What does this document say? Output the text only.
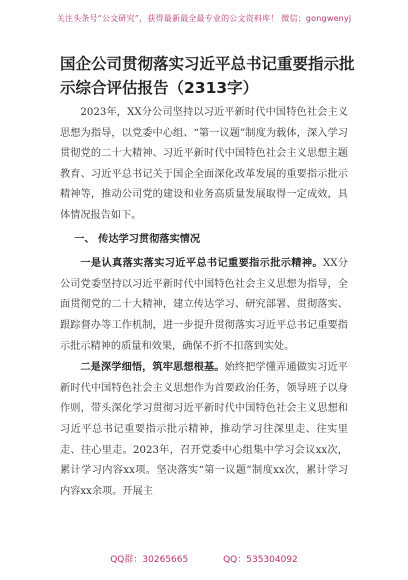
关注头条号“公文研究”，获得最新最全最专业的公文资料库！ 微信：gongwenyj
国企公司贯彻落实习近平总书记重要指示批示综合评估报告（2313字）

2023年，XX分公司坚持以习近平新时代中国特色社会主义思想为指导，以党委中心组、“第一议题”制度为载体，深入学习贯彻党的二十大精神、习近平新时代中国特色社会主义思想主题教育、习近平总书记关于国企全面深化改革发展的重要指示批示精神等，推动公司党的建设和业务高质量发展取得一定成效，具体情况报告如下。

一、 传达学习贯彻落实情况

一是认真落实落实习近平总书记重要指示批示精神。XX分公司党委坚持以习近平新时代中国特色社会主义思想为指导，全面贯彻党的二十大精神，建立传达学习、研究部署、贯彻落实、跟踪督办等工作机制，进一步提升贯彻落实习近平总书记重要指示批示精神的质量和效果，确保不折不扣落到实处。

二是深学细悟，筑牢思想根基。始终把学懂弄通做实习近平新时代中国特色社会主义思想作为首要政治任务，领导班子以身作则，带头深化学习贯彻习近平新时代中国特色社会主义思想和习近平总书记重要指示批示精神，推动学习往深里走、往实里走、往心里走。2023年，召开党委中心组集中学习会议xx次，累计学习内容xx项。坚决落实“第一议题”制度xx次，累计学习内容xx余项。开展主

QQ群：30265665	QQ：535304092
